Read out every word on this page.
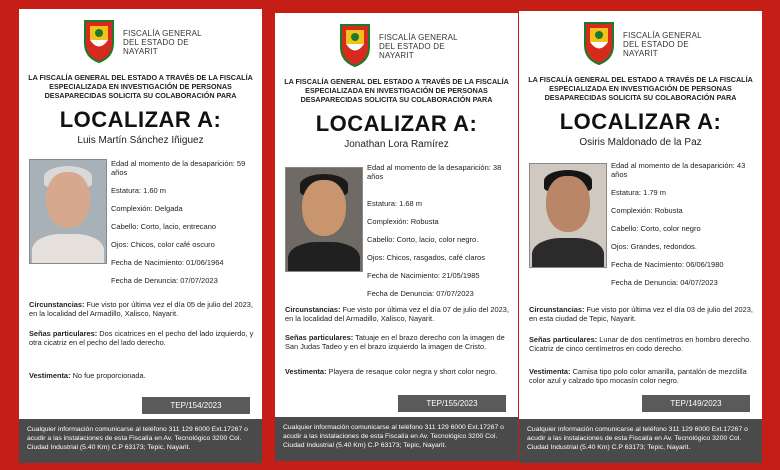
FISCALÍA GENERAL
DEL ESTADO DE
NAYARIT
LA FISCALÍA GENERAL DEL ESTADO A TRAVÉS DE LA FISCALÍA ESPECIALIZADA EN INVESTIGACIÓN DE PERSONAS DESAPARECIDAS SOLICITA SU COLABORACIÓN PARA
LOCALIZAR A:
Luis Martín Sánchez Iñiguez
Edad al momento de la desaparición: 59 años
Estatura: 1.60 m
Complexión: Delgada
Cabello: Corto, lacio, entrecano
Ojos: Chicos, color café oscuro
Fecha de Nacimiento: 01/06/1964
Fecha de Denuncia: 07/07/2023
Circunstancias: Fue visto por última vez el día 05 de julio del 2023, en la localidad del Armadillo, Xalisco, Nayarit.
Señas particulares: Dos cicatrices en el pecho del lado izquierdo, y otra cicatriz en el pecho del lado derecho.
Vestimenta: No fue proporcionada.
TEP/154/2023
Cualquier información comunicarse al teléfono 311 129 6000 Ext.17267 o acudir a las instalaciones de esta Fiscalía en Av. Tecnológico 3200 Col. Ciudad Industrial (5.40 Km) C.P 63173; Tepic, Nayarit.
FISCALÍA GENERAL
DEL ESTADO DE
NAYARIT
LA FISCALÍA GENERAL DEL ESTADO A TRAVÉS DE LA FISCALÍA ESPECIALIZADA EN INVESTIGACIÓN DE PERSONAS DESAPARECIDAS SOLICITA SU COLABORACIÓN PARA
LOCALIZAR A:
Jonathan Lora Ramírez
Edad al momento de la desaparición: 38 años
Estatura: 1.68 m
Complexión: Robusta
Cabello: Corto, lacio, color negro.
Ojos: Chicos, rasgados, café claros
Fecha de Nacimiento: 21/05/1985
Fecha de Denuncia: 07/07/2023
Circunstancias: Fue visto por última vez el día 07 de julio del 2023, en la localidad del Armadillo, Xalisco, Nayarit.
Señas particulares: Tatuaje en el brazo derecho con la imagen de San Judas Tadeo y en el brazo izquierdo la imagen de Cristo.
Vestimenta: Playera de resaque color negra y short color negro.
TEP/155/2023
Cualquier información comunicarse al teléfono 311 129 6000 Ext.17267 o acudir a las instalaciones de esta Fiscalía en Av. Tecnológico 3200 Col. Ciudad Industrial (5.40 Km) C.P 63173; Tepic, Nayarit.
FISCALÍA GENERAL
DEL ESTADO DE
NAYARIT
LA FISCALÍA GENERAL DEL ESTADO A TRAVÉS DE LA FISCALÍA ESPECIALIZADA EN INVESTIGACIÓN DE PERSONAS DESAPARECIDAS SOLICITA SU COLABORACIÓN PARA
LOCALIZAR A:
Osiris Maldonado de la Paz
Edad al momento de la desaparición: 43 años
Estatura: 1.79 m
Complexión: Robusta
Cabello: Corto, color negro
Ojos: Grandes, redondos.
Fecha de Nacimiento: 06/06/1980
Fecha de Denuncia: 04/07/2023
Circunstancias: Fue visto por última vez el día 03 de julio del 2023, en esta ciudad de Tepic, Nayarit.
Señas particulares: Lunar de dos centímetros en hombro derecho. Cicatriz de cinco centímetros en codo derecho.
Vestimenta: Camisa tipo polo color amarilla, pantalón de mezclilla color azul y calzado tipo mocasín color negro.
TEP/149/2023
Cualquier información comunicarse al teléfono 311 129 6000 Ext.17267 o acudir a las instalaciones de esta Fiscalía en Av. Tecnológico 3200 Col. Ciudad Industrial (5.40 Km) C.P 63173; Tepic, Nayarit.
